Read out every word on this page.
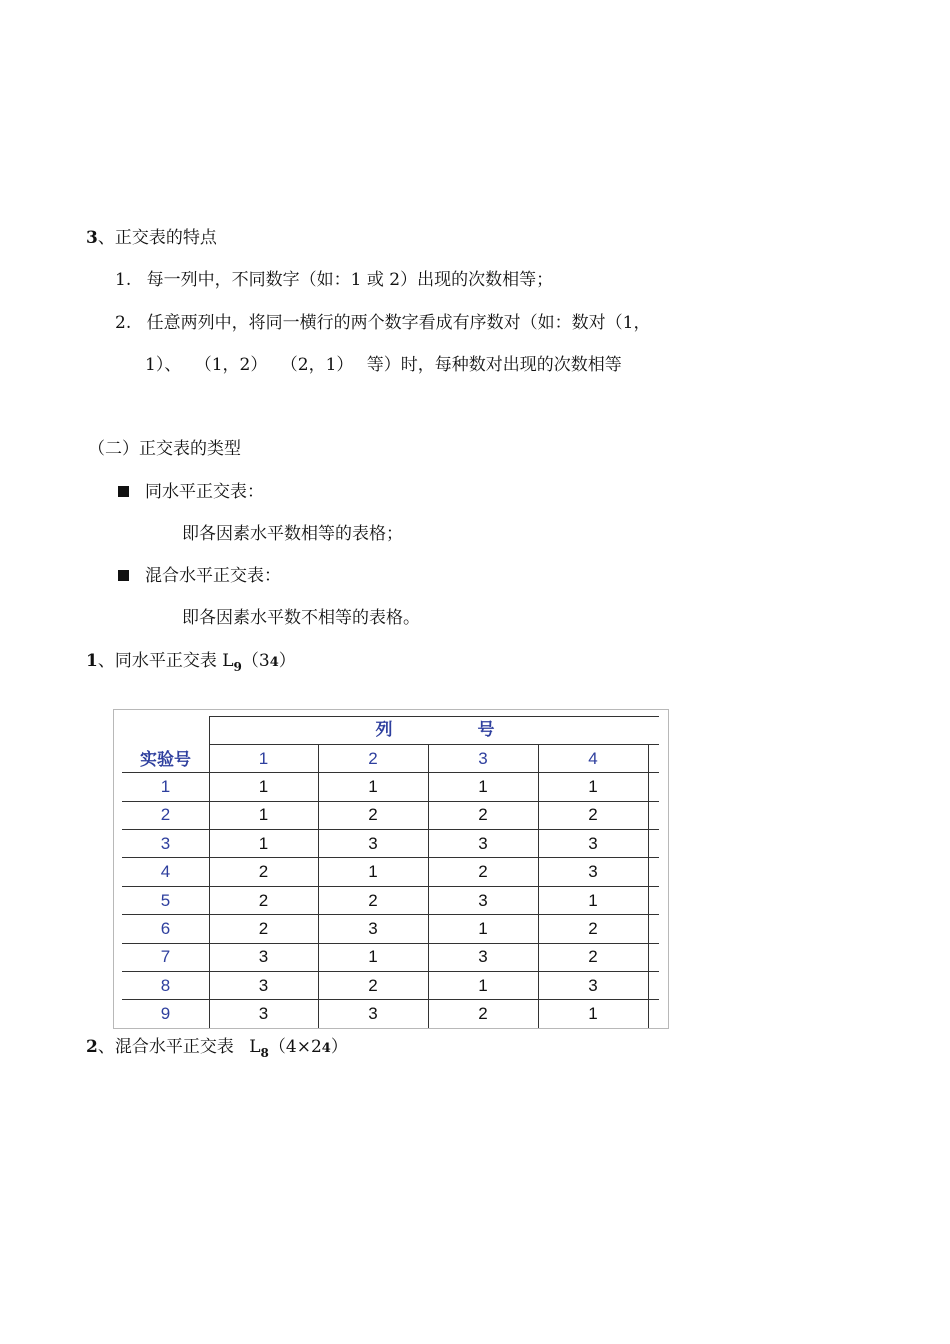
3、正交表的特点
1. 每一列中，不同数字（如：1 或 2）出现的次数相等；
2. 任意两列中，将同一横行的两个数字看成有序数对（如：数对（1，
1）、 （1，2） （2，1） 等）时，每种数对出现的次数相等
（二）正交表的类型
同水平正交表：
即各因素水平数相等的表格；
混合水平正交表：
即各因素水平数不相等的表格。
1、同水平正交表 $L_9(34)$
列	号
实验号	1	2	3	4
1	1	1	1	1
2	1	2	2	2
3	1	3	3	3
4	2	1	2	3
5	2	2	3	1
6	2	3	1	2
7	3	1	3	2
8	3	2	1	3
9	3	3	2	1
2、混合水平正交表 $L_8(4\times 24)$
